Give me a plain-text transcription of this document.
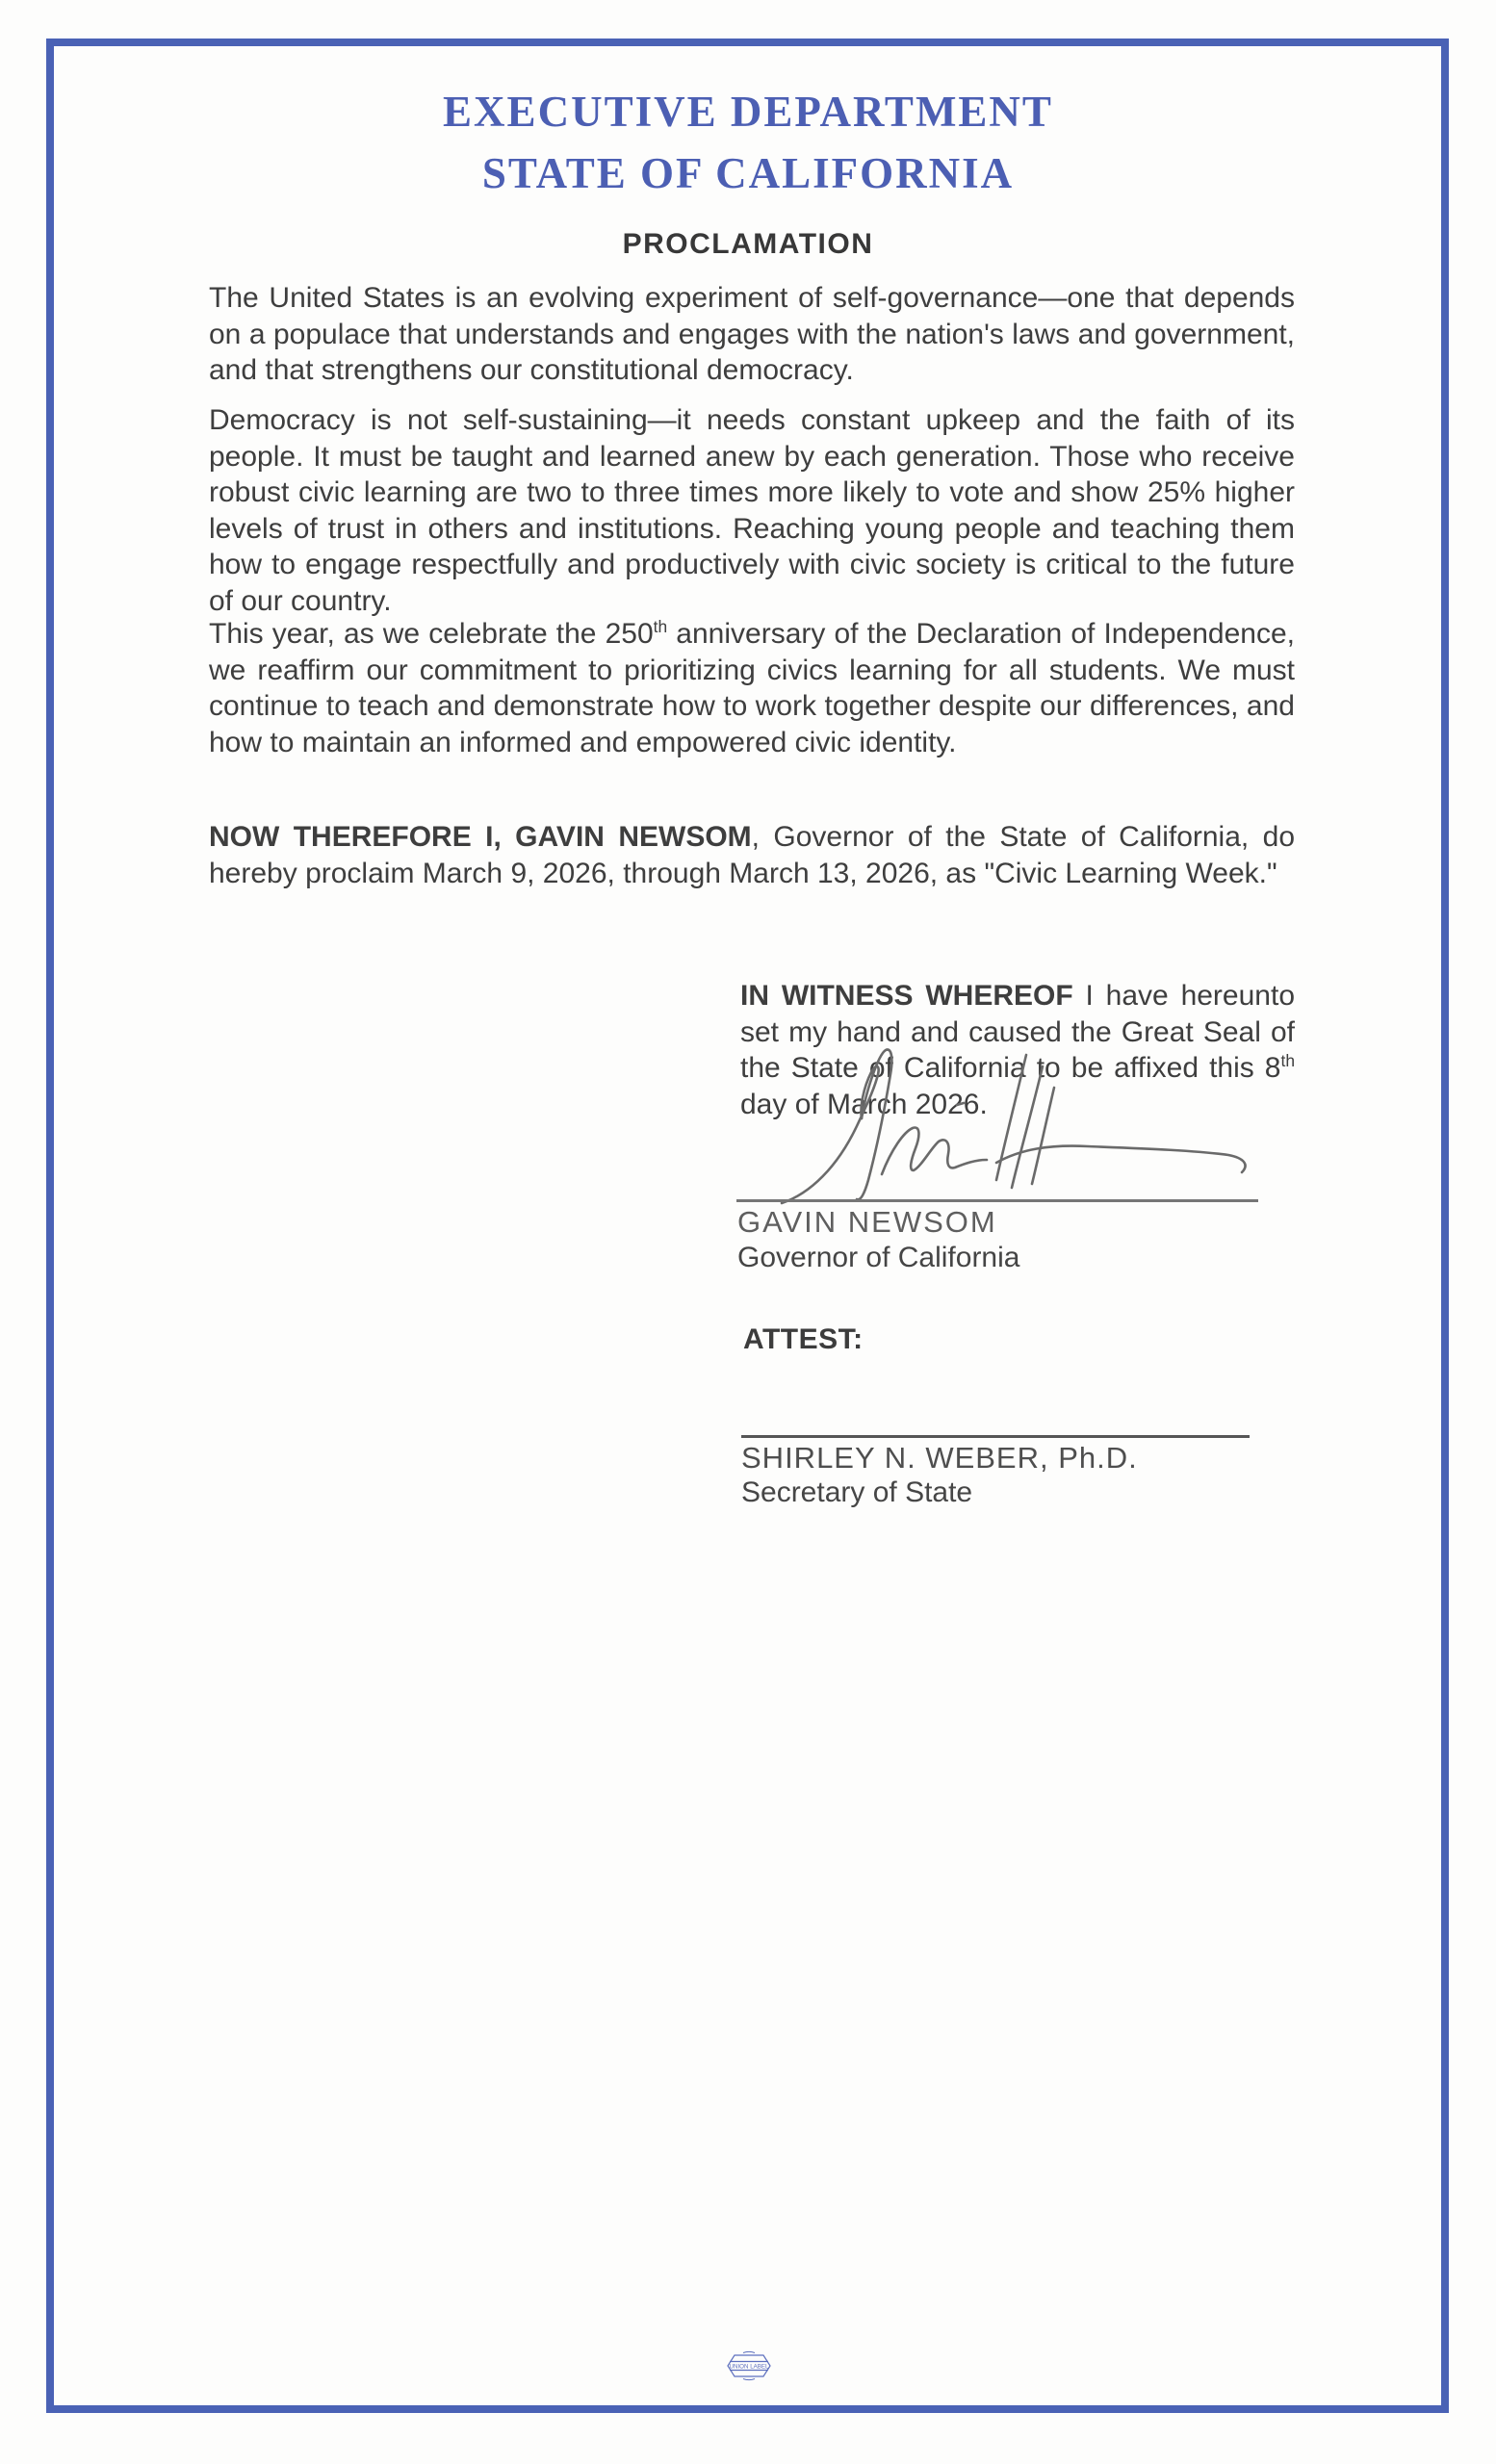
EXECUTIVE DEPARTMENT
STATE OF CALIFORNIA
PROCLAMATION

The United States is an evolving experiment of self-governance—one that depends on a populace that understands and engages with the nation's laws and government, and that strengthens our constitutional democracy.

Democracy is not self-sustaining—it needs constant upkeep and the faith of its people. It must be taught and learned anew by each generation. Those who receive robust civic learning are two to three times more likely to vote and show 25% higher levels of trust in others and institutions. Reaching young people and teaching them how to engage respectfully and productively with civic society is critical to the future of our country.

This year, as we celebrate the 250th anniversary of the Declaration of Independence, we reaffirm our commitment to prioritizing civics learning for all students. We must continue to teach and demonstrate how to work together despite our differences, and how to maintain an informed and empowered civic identity.

NOW THEREFORE I, GAVIN NEWSOM, Governor of the State of California, do hereby proclaim March 9, 2026, through March 13, 2026, as "Civic Learning Week."

IN WITNESS WHEREOF I have hereunto set my hand and caused the Great Seal of the State of California to be affixed this 8th day of March 2026.
GAVIN NEWSOM
Governor of California
ATTEST:
SHIRLEY N. WEBER, Ph.D.
Secretary of State
UNION LABEL
